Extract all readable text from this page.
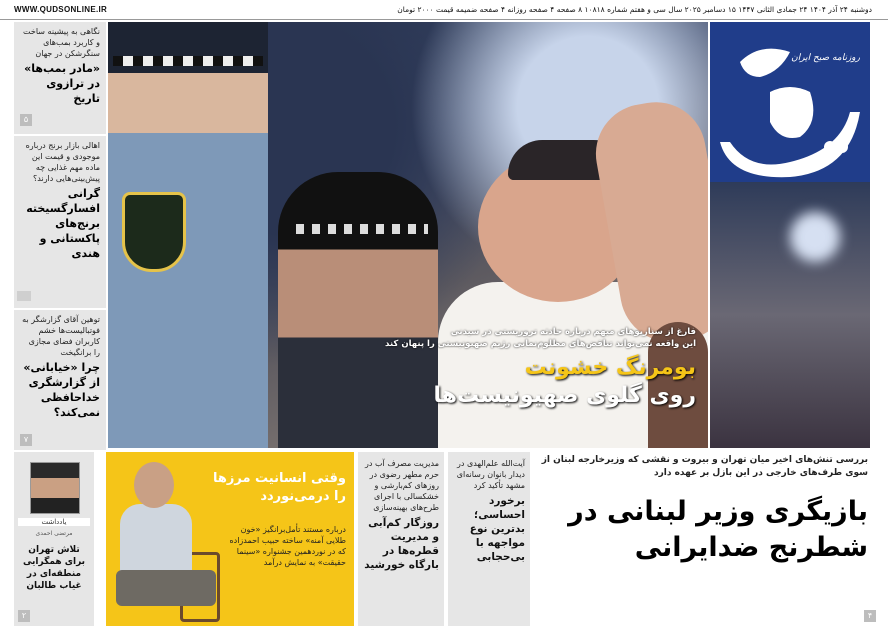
WWW.QUDSONLINE.IR	دوشنبه ۲۴ آذر ۱۴۰۴ ۲۴ جمادی الثانی ۱۴۴۷ ۱۵ دسامبر ۲۰۲۵ سال سی و هفتم شماره ۱۰۸۱۸ ۸ صفحه ۴ صفحه روزانه ۴ صفحه ضمیمه قیمت ۲۰۰۰ تومان
نگاهی به پیشینه ساخت و کاربرد بمب‌های سنگرشکن در جهان
«مادر بمب‌ها» در ترازوی تاریخ
۵
اهالی بازار برنج درباره موجودی و قیمت این ماده مهم غذایی چه پیش‌بینی‌هایی دارند؟
گرانی افسارگسیخته برنج‌های پاکستانی و هندی
توهین آقای گزارشگر به فوتبالیست‌ها خشم کاربران فضای مجازی را برانگیخت
چرا «خیابانی» از گزارشگری خداحافظی نمی‌کند؟
۷
فارغ از سناریوهای مبهم درباره حادثه تروریستی در سیدنی
این واقعه نمی‌تواند تناقض‌های مظلوم‌نمایی رژیم صهیونیستی را پنهان کند
بومرنگ خشونت
روی گلوی صهیونیست‌ها
روزنامه صبح ایران
یادداشت
مرتضی احمدی
تلاش تهران برای همگرایی منطقه‌ای در غیاب طالبان
۲
وقتی انسانیت مرزها را درمی‌نوردد
درباره مستند تأمل‌برانگیز «خون طلایی آمنه» ساخته حبیب احمدزاده که در نوردهمین جشنواره «سینما حقیقت» به نمایش درآمد
مدیریت مصرف آب در حرم مطهر رضوی در روزهای کم‌بارشی و خشکسالی با اجرای طرح‌های بهینه‌سازی
روزگار کم‌آبی و مدیریت قطره‌ها در بارگاه خورشید
آیت‌الله علم‌الهدی در دیدار بانوان رسانه‌ای مشهد تأکید کرد
برخورد احساسی؛ بدترین نوع مواجهه با بی‌حجابی
بررسی تنش‌های اخیر میان تهران و بیروت و نقشی که وزیرخارجه لبنان از سوی طرف‌های خارجی در این بازل بر عهده دارد
بازیگری وزیر لبنانی در شطرنج ضدایرانی
۴
